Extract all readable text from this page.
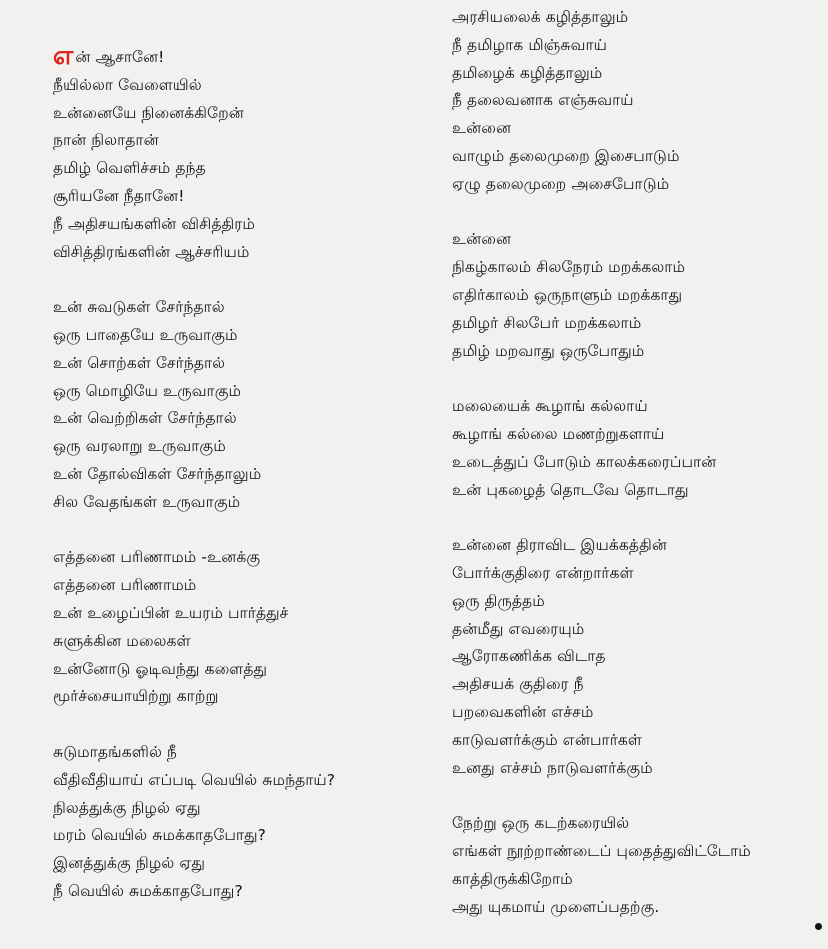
என் ஆசானே!
நீயில்லா வேளையில்
உன்னையே நினைக்கிறேன்
நான் நிலாதான்
தமிழ் வெளிச்சம் தந்த
சூரியனே நீதானே!
நீ அதிசயங்களின் விசித்திரம்
விசித்திரங்களின் ஆச்சரியம்
உன் சுவடுகள் சேர்ந்தால்
ஒரு பாதையே உருவாகும்
உன் சொற்கள் சேர்ந்தால்
ஒரு மொழியே உருவாகும்
உன் வெற்றிகள் சேர்ந்தால்
ஒரு வரலாறு உருவாகும்
உன் தோல்விகள் சேர்ந்தாலும்
சில வேதங்கள் உருவாகும்
எத்தனை பரிணாமம் -உனக்கு
எத்தனை பரிணாமம்
உன் உழைப்பின் உயரம் பார்த்துச்
சுளுக்கின மலைகள்
உன்னோடு ஓடிவந்து களைத்து
மூர்ச்சையாயிற்று காற்று
சுடுமாதங்களில் நீ
வீதிவீதியாய் எப்படி வெயில் சுமந்தாய்?
நிலத்துக்கு நிழல் ஏது
மரம் வெயில் சுமக்காதபோது?
இனத்துக்கு நிழல் ஏது
நீ வெயில் சுமக்காதபோது?
அரசியலைக் கழித்தாலும்
நீ தமிழாக மிஞ்சுவாய்
தமிழைக் கழித்தாலும்
நீ தலைவனாக எஞ்சுவாய்
உன்னை
வாழும் தலைமுறை இசைபாடும்
ஏழு தலைமுறை அசைபோடும்
உன்னை
நிகழ்காலம் சிலநேரம் மறக்கலாம்
எதிர்காலம் ஒருநாளும் மறக்காது
தமிழர் சிலபேர் மறக்கலாம்
தமிழ் மறவாது ஒருபோதும்
மலையைக் கூழாங் கல்லாய்
கூழாங் கல்லை மணற்றுகளாய்
உடைத்துப் போடும் காலக்கரைப்பான்
உன் புகழைத் தொடவே தொடாது
உன்னை திராவிட இயக்கத்தின்
போர்க்குதிரை என்றார்கள்
ஒரு திருத்தம்
தன்மீது எவரையும்
ஆரோகணிக்க விடாத
அதிசயக் குதிரை நீ
பறவைகளின் எச்சம்
காடுவளர்க்கும் என்பார்கள்
உனது எச்சம் நாடுவளர்க்கும்
நேற்று ஒரு கடற்கரையில்
எங்கள் நூற்றாண்டைப் புதைத்துவிட்டோம்
காத்திருக்கிறோம்
அது யுகமாய் முளைப்பதற்கு.
